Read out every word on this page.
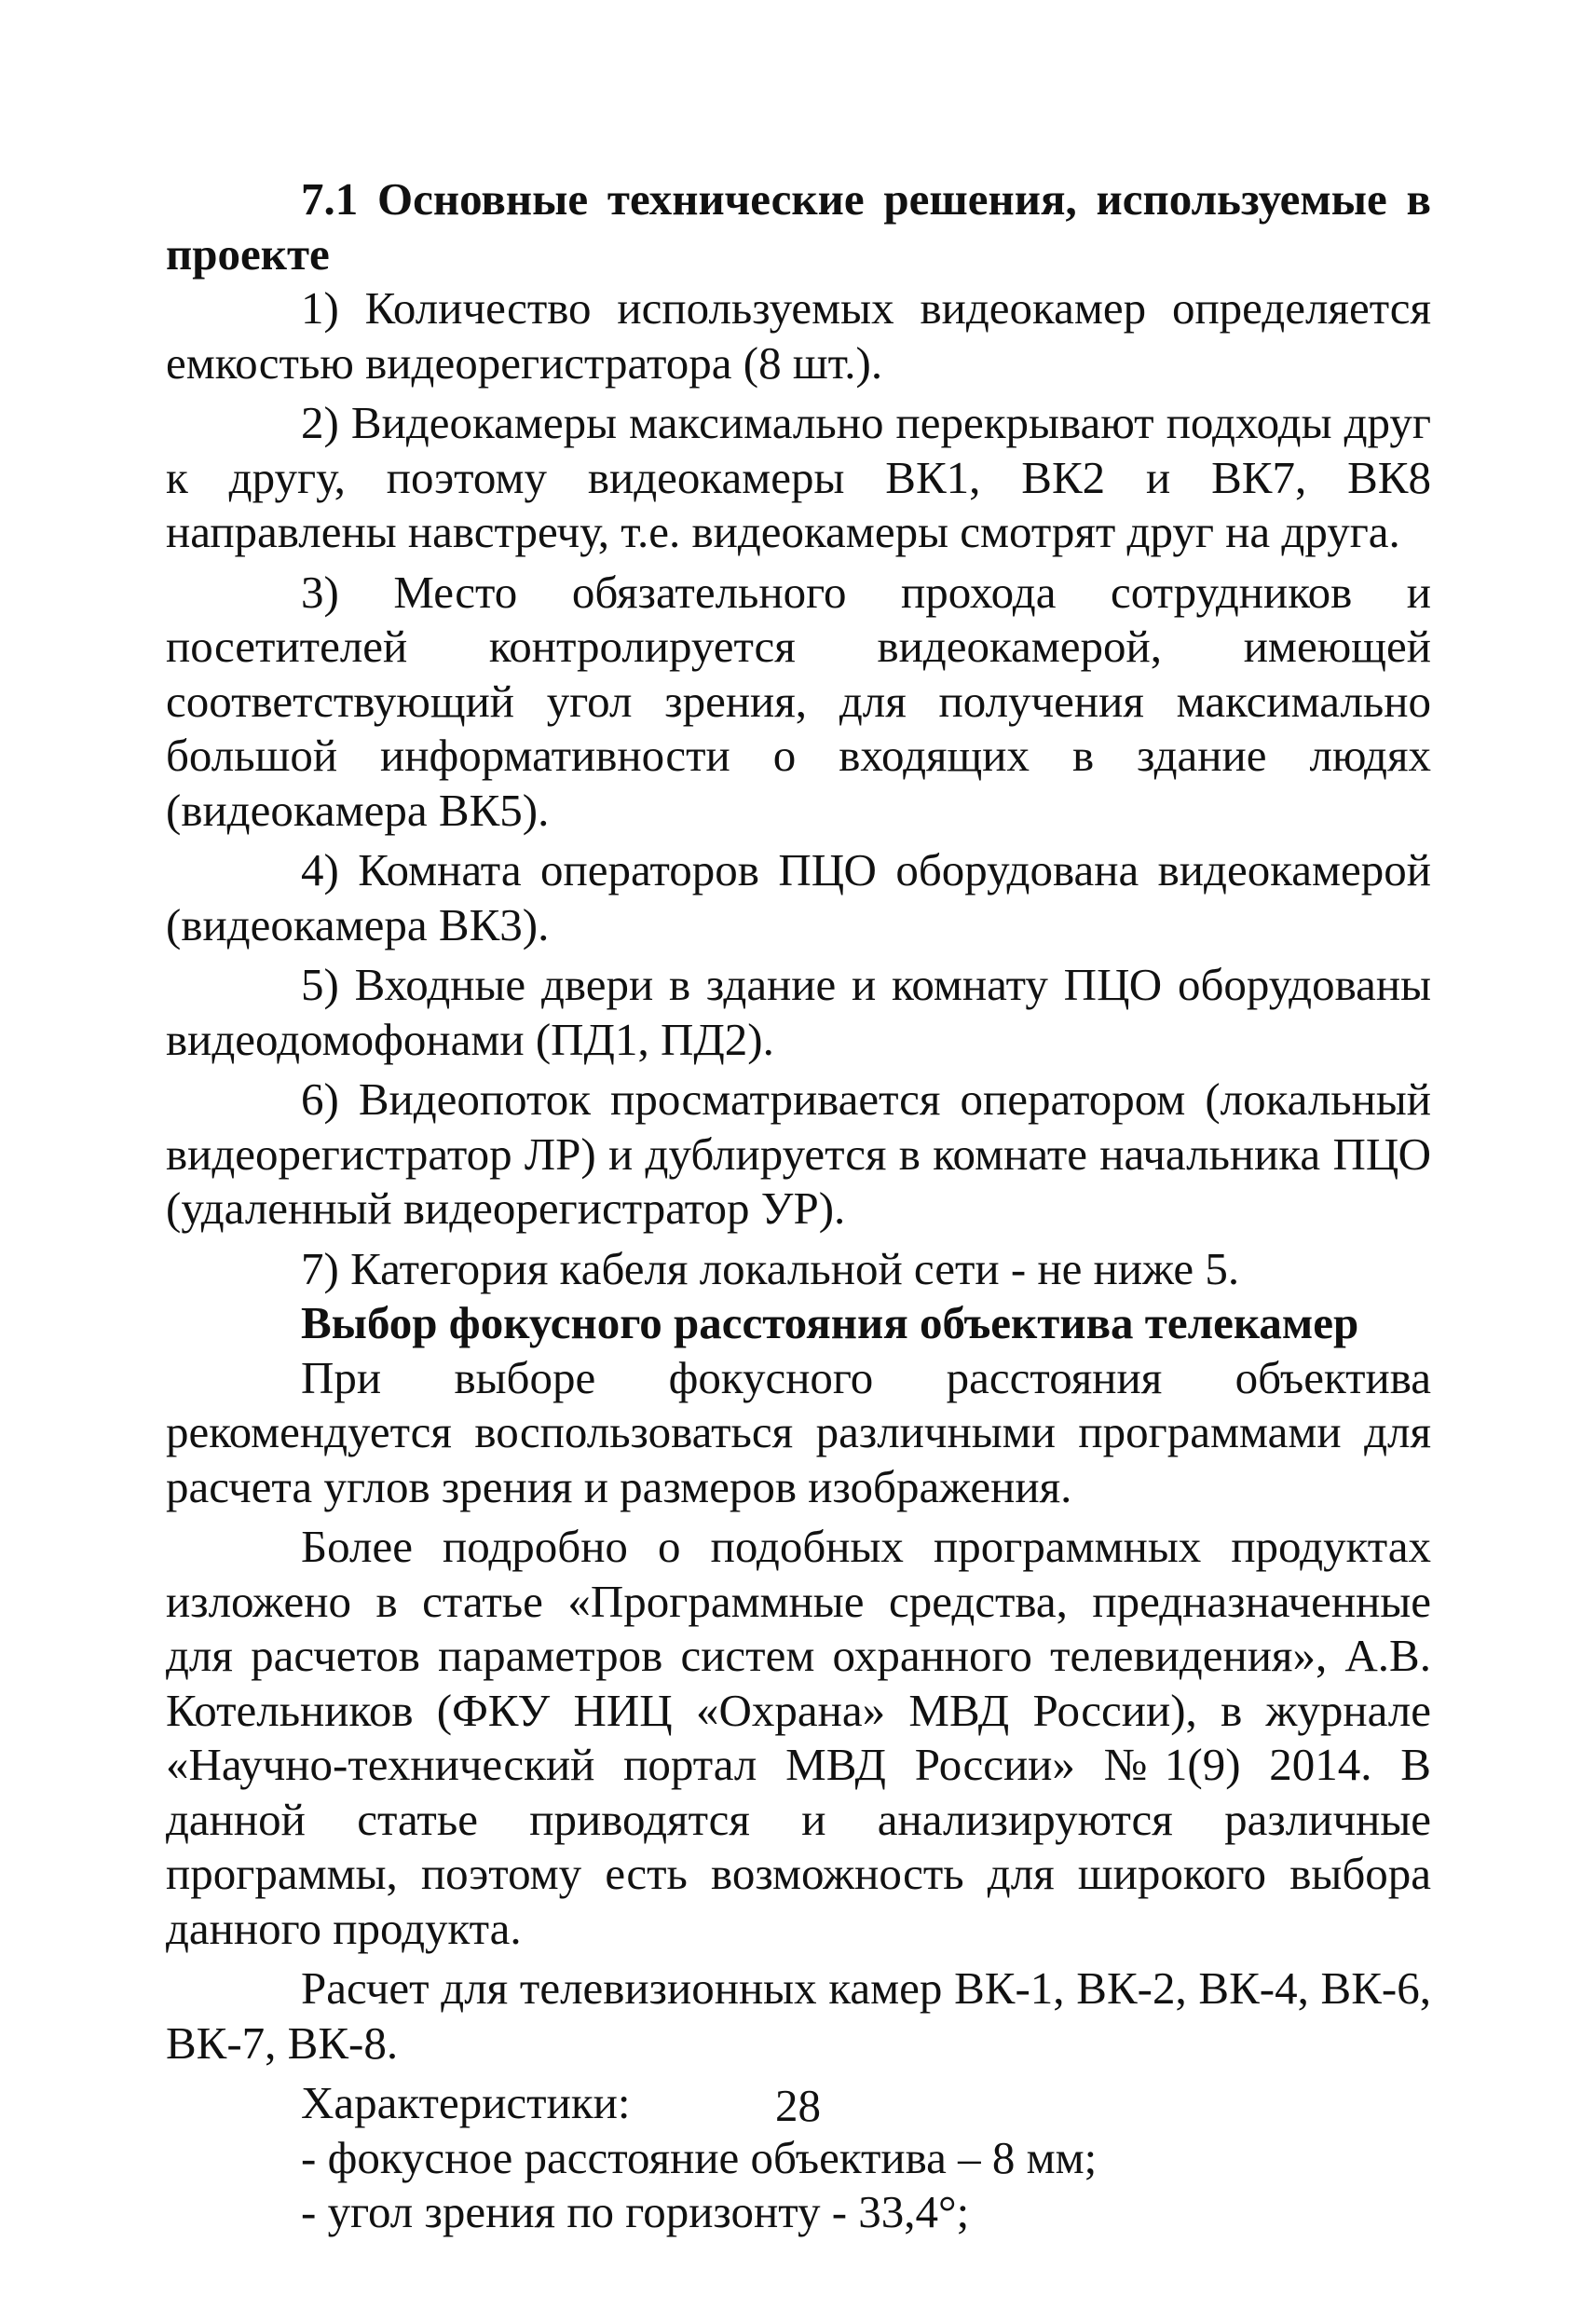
7.1 Основные технические решения, используемые в проекте

1) Количество используемых видеокамер определяется емкостью видеорегистратора (8 шт.).

2) Видеокамеры максимально перекрывают подходы друг к другу, поэтому видеокамеры ВК1, ВК2 и ВК7, ВК8 направлены навстречу, т.е. видеокамеры смотрят друг на друга.

3) Место обязательного прохода сотрудников и посетителей контролируется видеокамерой, имеющей соответствующий угол зрения, для получения максимально большой информативности о входящих в здание людях (видеокамера ВК5).

4) Комната операторов ПЦО оборудована видеокамерой (видеокамера ВК3).

5) Входные двери в здание и комнату ПЦО оборудованы видеодомофонами (ПД1, ПД2).

6) Видеопоток просматривается оператором (локальный видеорегистратор ЛР) и дублируется в комнате начальника ПЦО (удаленный видеорегистратор УР).

7) Категория кабеля локальной сети - не ниже 5.

Выбор фокусного расстояния объектива телекамер

При выборе фокусного расстояния объектива рекомендуется воспользоваться различными программами для расчета углов зрения и размеров изображения.

Более подробно о подобных программных продуктах изложено в статье «Программные средства, предназначенные для расчетов параметров систем охранного телевидения», А.В. Котельников (ФКУ НИЦ «Охрана» МВД России), в журнале «Научно-технический портал МВД России» №1(9) 2014. В данной статье приводятся и анализируются различные программы, поэтому есть возможность для широкого выбора данного продукта.

Расчет для телевизионных камер ВК-1, ВК-2, ВК-4, ВК-6, ВК-7, ВК-8.

Характеристики:

- фокусное расстояние объектива – 8 мм;

- угол зрения по горизонту - 33,4°;

28
